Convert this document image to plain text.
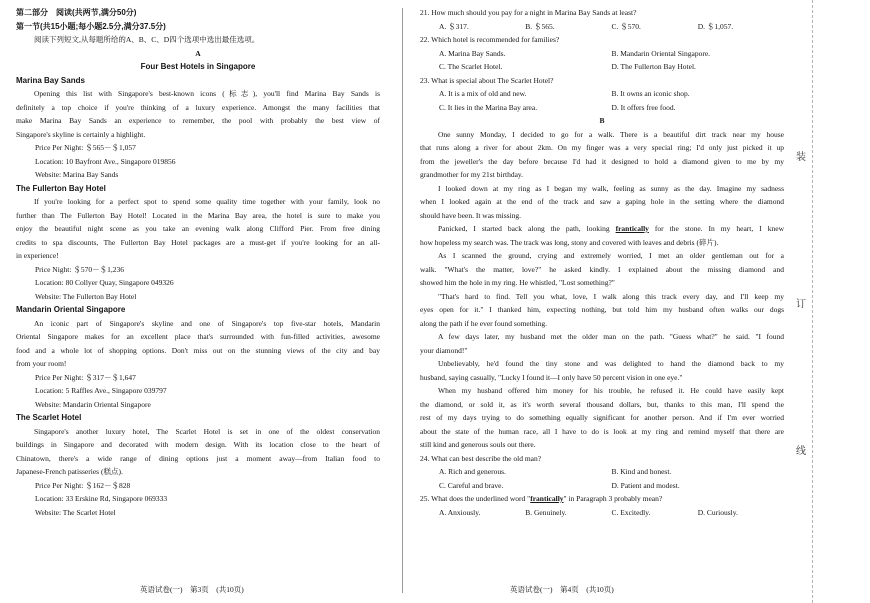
第二部分　阅读(共两节,满分50分)

第一节(共15小题;每小题2.5分,满分37.5分)

阅读下列短文,从每题所给的A、B、C、D四个选项中选出最佳选项。

A

Four Best Hotels in Singapore

Marina Bay Sands

Opening this list with Singapore's best-known icons (标志), you'll find Marina Bay Sands is

definitely a top choice if you're thinking of a luxury experience. Amongst the many facilities that

make Marina Bay Sands an experience to remember, the pool with probably the best view of

Singapore's skyline is certainly a highlight.

Price Per Night: ＄565－＄1,057

Location: 10 Bayfront Ave., Singapore 019856

Website: Marina Bay Sands

The Fullerton Bay Hotel

If you're looking for a perfect spot to spend some quality time together with your family, look no

further than The Fullerton Bay Hotel! Located in the Marina Bay area, the hotel is sure to make you

enjoy the beautiful night scene as you take an evening walk along Clifford Pier. From free dining

credits to spa discounts, The Fullerton Bay Hotel packages are a must-get if you're looking for an all-

in experience!

Price Night: ＄570－＄1,236

Location: 80 Collyer Quay, Singapore 049326

Website: The Fullerton Bay Hotel

Mandarin Oriental Singapore

An iconic part of Singapore's skyline and one of Singapore's top five-star hotels, Mandarin

Oriental Singapore makes for an excellent place that's surrounded with fun-filled activities, awesome

food and a whole lot of shopping options. Don't miss out on the stunning views of the city and bay

from your room!

Price Per Night: ＄317－＄1,647

Location: 5 Raffles Ave., Singapore 039797

Website: Mandarin Oriental Singapore

The Scarlet Hotel

Singapore's another luxury hotel, The Scarlet Hotel is set in one of the oldest conservation

buildings in Singapore and decorated with modern design. With its location close to the heart of

Chinatown, there's a wide range of dining options just a moment away—from Italian food to

Japanese-French patisseries (糕点).

Price Per Night: ＄162－＄828

Location: 33 Erskine Rd, Singapore 069333

Website: The Scarlet Hotel

21. How much should you pay for a night in Marina Bay Sands at least?

A. ＄317.	B. ＄565.	C. ＄570.	D. ＄1,057.

22. Which hotel is recommended for families?

A. Marina Bay Sands.	B. Mandarin Oriental Singapore.
C. The Scarlet Hotel.	D. The Fullerton Bay Hotel.

23. What is special about The Scarlet Hotel?

A. It is a mix of old and new.	B. It owns an iconic shop.
C. It lies in the Marina Bay area.	D. It offers free food.

B

One sunny Monday, I decided to go for a walk. There is a beautiful dirt track near my house

that runs along a river for about 2km. On my finger was a very special ring; I'd only just picked it up

from the jeweller's the day before because I'd had it designed to hold a diamond given to me by my

grandmother for my 21st birthday.

I looked down at my ring as I began my walk, feeling as sunny as the day. Imagine my sadness

when I looked again at the end of the track and saw a gaping hole in the setting where the diamond

should have been. It was missing.

Panicked, I started back along the path, looking frantically for the stone. In my heart, I knew

how hopeless my search was. The track was long, stony and covered with leaves and debris (碎片).

As I scanned the ground, crying and extremely worried, I met an older gentleman out for a

walk. "What's the matter, love?" he asked kindly. I explained about the missing diamond and

showed him the hole in my ring. He whistled, "Lost something?"

"That's hard to find. Tell you what, love, I walk along this track every day, and I'll keep my

eyes open for it." I thanked him, expecting nothing, but told him my husband often walks our dogs

along the path if he ever found something.

A few days later, my husband met the older man on the path. "Guess what?" he said. "I found

your diamond!"

Unbelievably, he'd found the tiny stone and was delighted to hand the diamond back to my

husband, saying casually, "Lucky I found it—I only have 50 percent vision in one eye."

When my husband offered him money for his trouble, he refused it. He could have easily kept

the diamond, or sold it, as it's worth several thousand dollars, but, thanks to this man, I'll spend the

rest of my days trying to do something equally significant for another person. And if I'm ever worried

about the state of the human race, all I have to do is look at my ring and remind myself that there are

still kind and generous souls out there.

24. What can best describe the old man?

A. Rich and generous.	B. Kind and honest.
C. Careful and brave.	D. Patient and modest.

25. What does the underlined word "frantically" in Paragraph 3 probably mean?

A. Anxiously.	B. Genuinely.	C. Excitedly.	D. Curiously.
英语试卷(一)　第3页　(共10页)	英语试卷(一)　第4页　(共10页)
装
订
线
